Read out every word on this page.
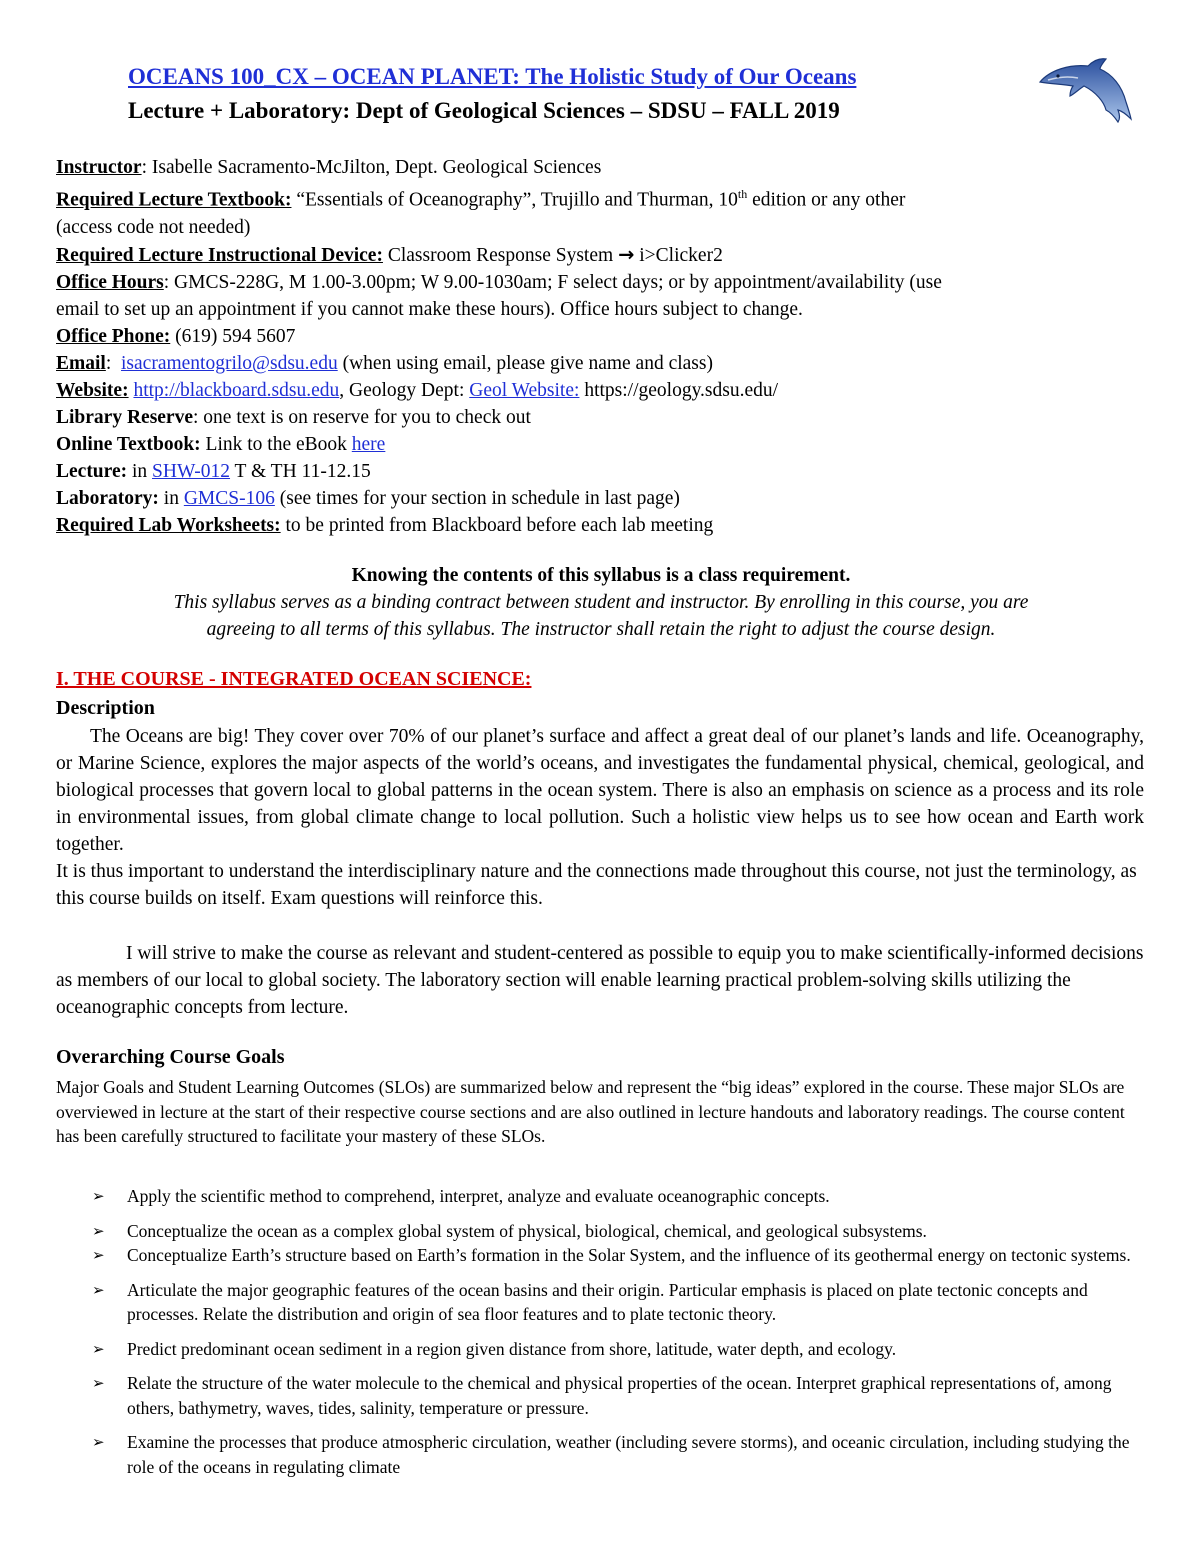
OCEANS 100_CX – OCEAN PLANET: The Holistic Study of Our Oceans
Lecture + Laboratory: Dept of Geological Sciences – SDSU – FALL 2019

Instructor: Isabelle Sacramento-McJilton, Dept. Geological Sciences

Required Lecture Textbook: “Essentials of Oceanography”, Trujillo and Thurman, 10th edition or any other
(access code not needed)

Required Lecture Instructional Device: Classroom Response System → i>Clicker2

Office Hours: GMCS-228G, M 1.00-3.00pm; W 9.00-1030am; F select days; or by appointment/availability (use
email to set up an appointment if you cannot make these hours). Office hours subject to change.

Office Phone: (619) 594 5607

Email:  isacramentogrilo@sdsu.edu (when using email, please give name and class)

Website: http://blackboard.sdsu.edu, Geology Dept: Geol Website: https://geology.sdsu.edu/

Library Reserve: one text is on reserve for you to check out

Online Textbook: Link to the eBook here

Lecture: in SHW-012 T & TH 11-12.15

Laboratory: in GMCS-106 (see times for your section in schedule in last page)

Required Lab Worksheets: to be printed from Blackboard before each lab meeting

Knowing the contents of this syllabus is a class requirement.
This syllabus serves as a binding contract between student and instructor. By enrolling in this course, you are
agreeing to all terms of this syllabus. The instructor shall retain the right to adjust the course design.
I. THE COURSE - INTEGRATED OCEAN SCIENCE:
Description

The Oceans are big! They cover over 70% of our planet’s surface and affect a great deal of our planet’s lands and life. Oceanography, or Marine Science, explores the major aspects of the world’s oceans, and investigates the fundamental physical, chemical, geological, and biological processes that govern local to global patterns in the ocean system. There is also an emphasis on science as a process and its role in environmental issues, from global climate change to local pollution. Such a holistic view helps us to see how ocean and Earth work together.

It is thus important to understand the interdisciplinary nature and the connections made throughout this course, not just the terminology, as this course builds on itself. Exam questions will reinforce this.

I will strive to make the course as relevant and student-centered as possible to equip you to make scientifically-informed decisions as members of our local to global society. The laboratory section will enable learning practical problem-solving skills utilizing the oceanographic concepts from lecture.

Overarching Course Goals

Major Goals and Student Learning Outcomes (SLOs) are summarized below and represent the “big ideas” explored in the course. These major SLOs are overviewed in lecture at the start of their respective course sections and are also outlined in lecture handouts and laboratory readings. The course content has been carefully structured to facilitate your mastery of these SLOs.

➢	Apply the scientific method to comprehend, interpret, analyze and evaluate oceanographic concepts.
➢	Conceptualize the ocean as a complex global system of physical, biological, chemical, and geological subsystems.
➢	Conceptualize Earth’s structure based on Earth’s formation in the Solar System, and the influence of its geothermal energy on tectonic systems.
➢	Articulate the major geographic features of the ocean basins and their origin. Particular emphasis is placed on plate tectonic concepts and processes. Relate the distribution and origin of sea floor features and to plate tectonic theory.
➢	Predict predominant ocean sediment in a region given distance from shore, latitude, water depth, and ecology.
➢	Relate the structure of the water molecule to the chemical and physical properties of the ocean. Interpret graphical representations of, among others, bathymetry, waves, tides, salinity, temperature or pressure.
➢	Examine the processes that produce atmospheric circulation, weather (including severe storms), and oceanic circulation, including studying the role of the oceans in regulating climate
